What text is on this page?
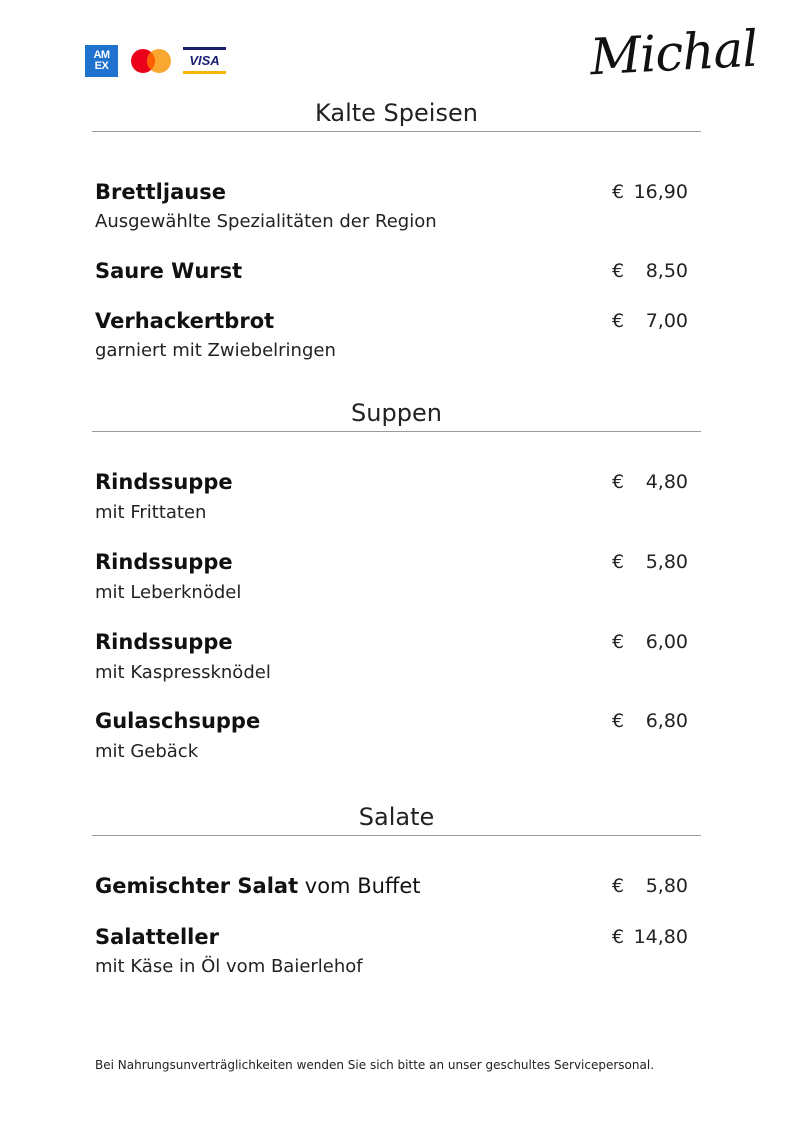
AM
EX	VISA	Michal
Kalte Speisen
Brettljause	€ 16,90
Ausgewählte Spezialitäten der Region
Saure Wurst	€ 8,50
Verhackertbrot	€ 7,00
garniert mit Zwiebelringen
Suppen
Rindssuppe	€ 4,80
mit Frittaten
Rindssuppe	€ 5,80
mit Leberknödel
Rindssuppe	€ 6,00
mit Kaspressknödel
Gulaschsuppe	€ 6,80
mit Gebäck
Salate
Gemischter Salat vom Buffet	€ 5,80
Salatteller	€ 14,80
mit Käse in Öl vom Baierlehof
Bei Nahrungsunverträglichkeiten wenden Sie sich bitte an unser geschultes Servicepersonal.
